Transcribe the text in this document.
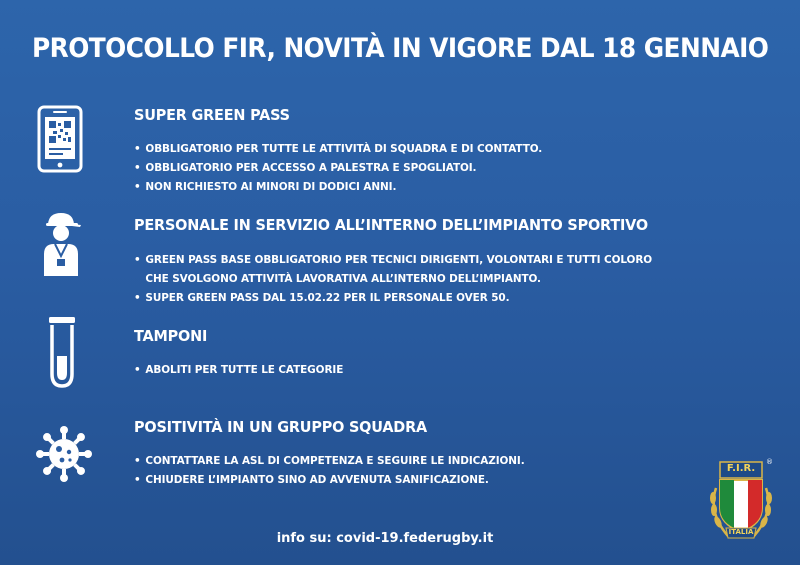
PROTOCOLLO FIR, NOVITÀ IN VIGORE DAL 18 GENNAIO
SUPER GREEN PASS
• OBBLIGATORIO PER TUTTE LE ATTIVITÀ DI SQUADRA E DI CONTATTO.
• OBBLIGATORIO PER ACCESSO A PALESTRA E SPOGLIATOI.
• NON RICHIESTO AI MINORI DI DODICI ANNI.
PERSONALE IN SERVIZIO ALL’INTERNO DELL’IMPIANTO SPORTIVO
• GREEN PASS BASE OBBLIGATORIO PER TECNICI DIRIGENTI, VOLONTARI E TUTTI COLORO
CHE SVOLGONO ATTIVITÀ LAVORATIVA ALL’INTERNO DELL’IMPIANTO.
• SUPER GREEN PASS DAL 15.02.22 PER IL PERSONALE OVER 50.
TAMPONI
• ABOLITI PER TUTTE LE CATEGORIE
POSITIVITÀ IN UN GRUPPO SQUADRA
• CONTATTARE LA ASL DI COMPETENZA E SEGUIRE LE INDICAZIONI.
• CHIUDERE L’IMPIANTO SINO AD AVVENUTA SANIFICAZIONE.
info su: covid-19.federugby.it
F.I.R.
ITALIA
®
